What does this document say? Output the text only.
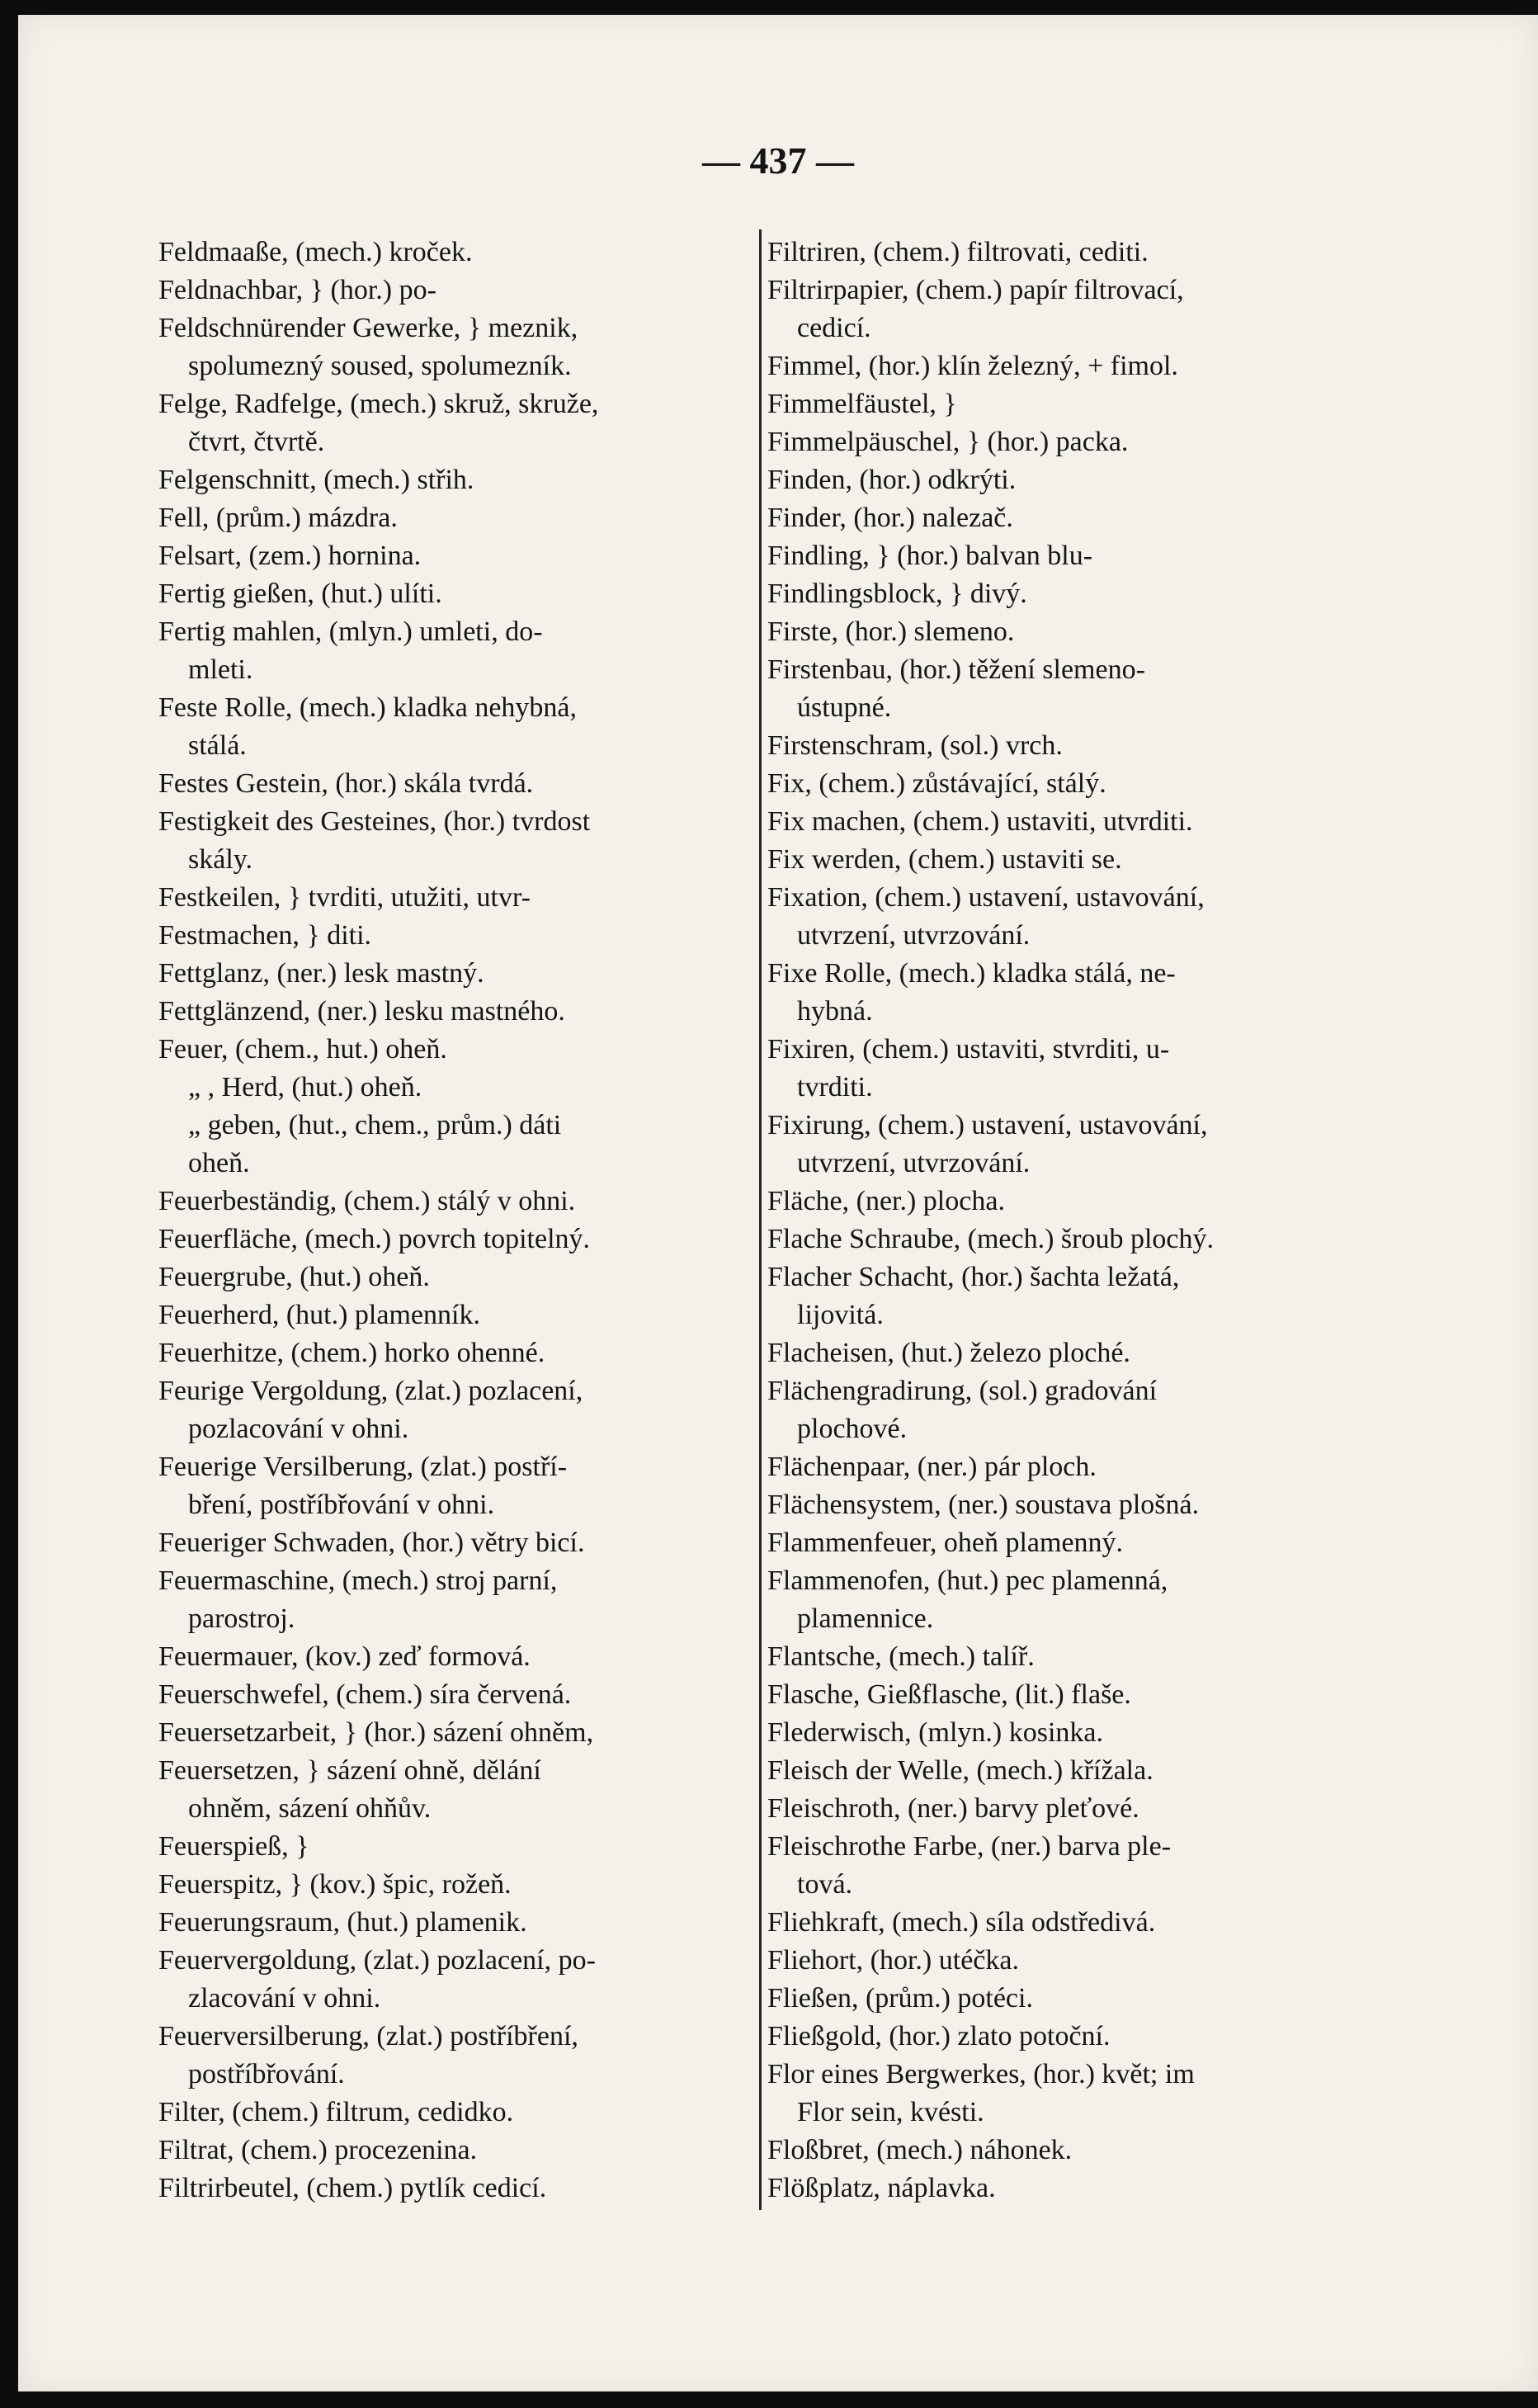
— 437 —
Feldmaaße, (mech.) kroček.
Feldnachbar, } (hor.) po-
Feldschnürender Gewerke, } meznik,
spolumezný soused, spolumezník.
Felge, Radfelge, (mech.) skruž, skruže,
čtvrt, čtvrtě.
Felgenschnitt, (mech.) střih.
Fell, (prům.) mázdra.
Felsart, (zem.) hornina.
Fertig gießen, (hut.) ulíti.
Fertig mahlen, (mlyn.) umleti, do-
mleti.
Feste Rolle, (mech.) kladka nehybná,
stálá.
Festes Gestein, (hor.) skála tvrdá.
Festigkeit des Gesteines, (hor.) tvrdost
skály.
Festkeilen, } tvrditi, utužiti, utvr-
Festmachen, } diti.
Fettglanz, (ner.) lesk mastný.
Fettglänzend, (ner.) lesku mastného.
Feuer, (chem., hut.) oheň.
„ , Herd, (hut.) oheň.
„ geben, (hut., chem., prům.) dáti
oheň.
Feuerbeständig, (chem.) stálý v ohni.
Feuerfläche, (mech.) povrch topitelný.
Feuergrube, (hut.) oheň.
Feuerherd, (hut.) plamenník.
Feuerhitze, (chem.) horko ohenné.
Feurige Vergoldung, (zlat.) pozlacení,
pozlacování v ohni.
Feuerige Versilberung, (zlat.) postří-
bření, postříbřování v ohni.
Feueriger Schwaden, (hor.) větry bicí.
Feuermaschine, (mech.) stroj parní,
parostroj.
Feuermauer, (kov.) zeď formová.
Feuerschwefel, (chem.) síra červená.
Feuersetzarbeit, } (hor.) sázení ohněm,
Feuersetzen, } sázení ohně, dělání
ohněm, sázení ohňův.
Feuerspieß, }
Feuerspitz, } (kov.) špic, rožeň.
Feuerungsraum, (hut.) plamenik.
Feuervergoldung, (zlat.) pozlacení, po-
zlacování v ohni.
Feuerversilberung, (zlat.) postříbření,
postříbřování.
Filter, (chem.) filtrum, cedidko.
Filtrat, (chem.) procezenina.
Filtrirbeutel, (chem.) pytlík cedicí.
Filtriren, (chem.) filtrovati, cediti.
Filtrirpapier, (chem.) papír filtrovací,
cedicí.
Fimmel, (hor.) klín železný, + fimol.
Fimmelfäustel, }
Fimmelpäuschel, } (hor.) packa.
Finden, (hor.) odkrýti.
Finder, (hor.) nalezač.
Findling, } (hor.) balvan blu-
Findlingsblock, } divý.
Firste, (hor.) slemeno.
Firstenbau, (hor.) těžení slemeno-
ústupné.
Firstenschram, (sol.) vrch.
Fix, (chem.) zůstávající, stálý.
Fix machen, (chem.) ustaviti, utvrditi.
Fix werden, (chem.) ustaviti se.
Fixation, (chem.) ustavení, ustavování,
utvrzení, utvrzování.
Fixe Rolle, (mech.) kladka stálá, ne-
hybná.
Fixiren, (chem.) ustaviti, stvrditi, u-
tvrditi.
Fixirung, (chem.) ustavení, ustavování,
utvrzení, utvrzování.
Fläche, (ner.) plocha.
Flache Schraube, (mech.) šroub plochý.
Flacher Schacht, (hor.) šachta ležatá,
lijovitá.
Flacheisen, (hut.) železo ploché.
Flächengradirung, (sol.) gradování
plochové.
Flächenpaar, (ner.) pár ploch.
Flächensystem, (ner.) soustava plošná.
Flammenfeuer, oheň plamenný.
Flammenofen, (hut.) pec plamenná,
plamennice.
Flantsche, (mech.) talíř.
Flasche, Gießflasche, (lit.) flaše.
Flederwisch, (mlyn.) kosinka.
Fleisch der Welle, (mech.) křížala.
Fleischroth, (ner.) barvy pleťové.
Fleischrothe Farbe, (ner.) barva ple-
tová.
Fliehkraft, (mech.) síla odstředivá.
Fliehort, (hor.) utéčka.
Fließen, (prům.) potéci.
Fließgold, (hor.) zlato potoční.
Flor eines Bergwerkes, (hor.) květ; im
Flor sein, kvésti.
Floßbret, (mech.) náhonek.
Flößplatz, náplavka.
